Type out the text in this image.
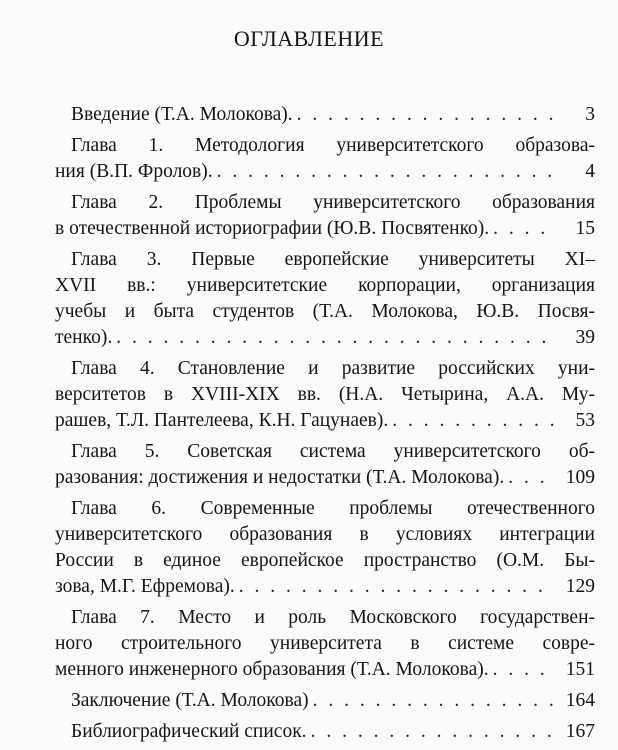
ОГЛАВЛЕНИЕ
Введение (Т.А. Молокова). . . .	3
Глава 1. Методология университетского образова-
ния (В.П. Фролов). . . .	4
Глава 2. Проблемы университетского образования
в отечественной историографии (Ю.В. Посвятенко). . . .	15
Глава 3. Первые европейские университеты XI–
XVII вв.: университетские корпорации, организация
учебы и быта студентов (Т.А. Молокова, Ю.В. Посвя-
тенко). . . .	39
Глава 4. Становление и развитие российских уни-
верситетов в XVIII-XIX вв. (Н.А. Четырина, А.А. Му-
рашев, Т.Л. Пантелеева, К.Н. Гацунаев). . . .	53
Глава 5. Советская система университетского об-
разования: достижения и недостатки (Т.А. Молокова). . . .	109
Глава 6. Современные проблемы отечественного
университетского образования в условиях интеграции
России в единое европейское пространство (О.М. Бы-
зова, М.Г. Ефремова). . . .	129
Глава 7. Место и роль Московского государствен-
ного строительного университета в системе совре-
менного инженерного образования (Т.А. Молокова). . . .	151
Заключение (Т.А. Молокова) . . .	164
Библиографический список. . . .	167
